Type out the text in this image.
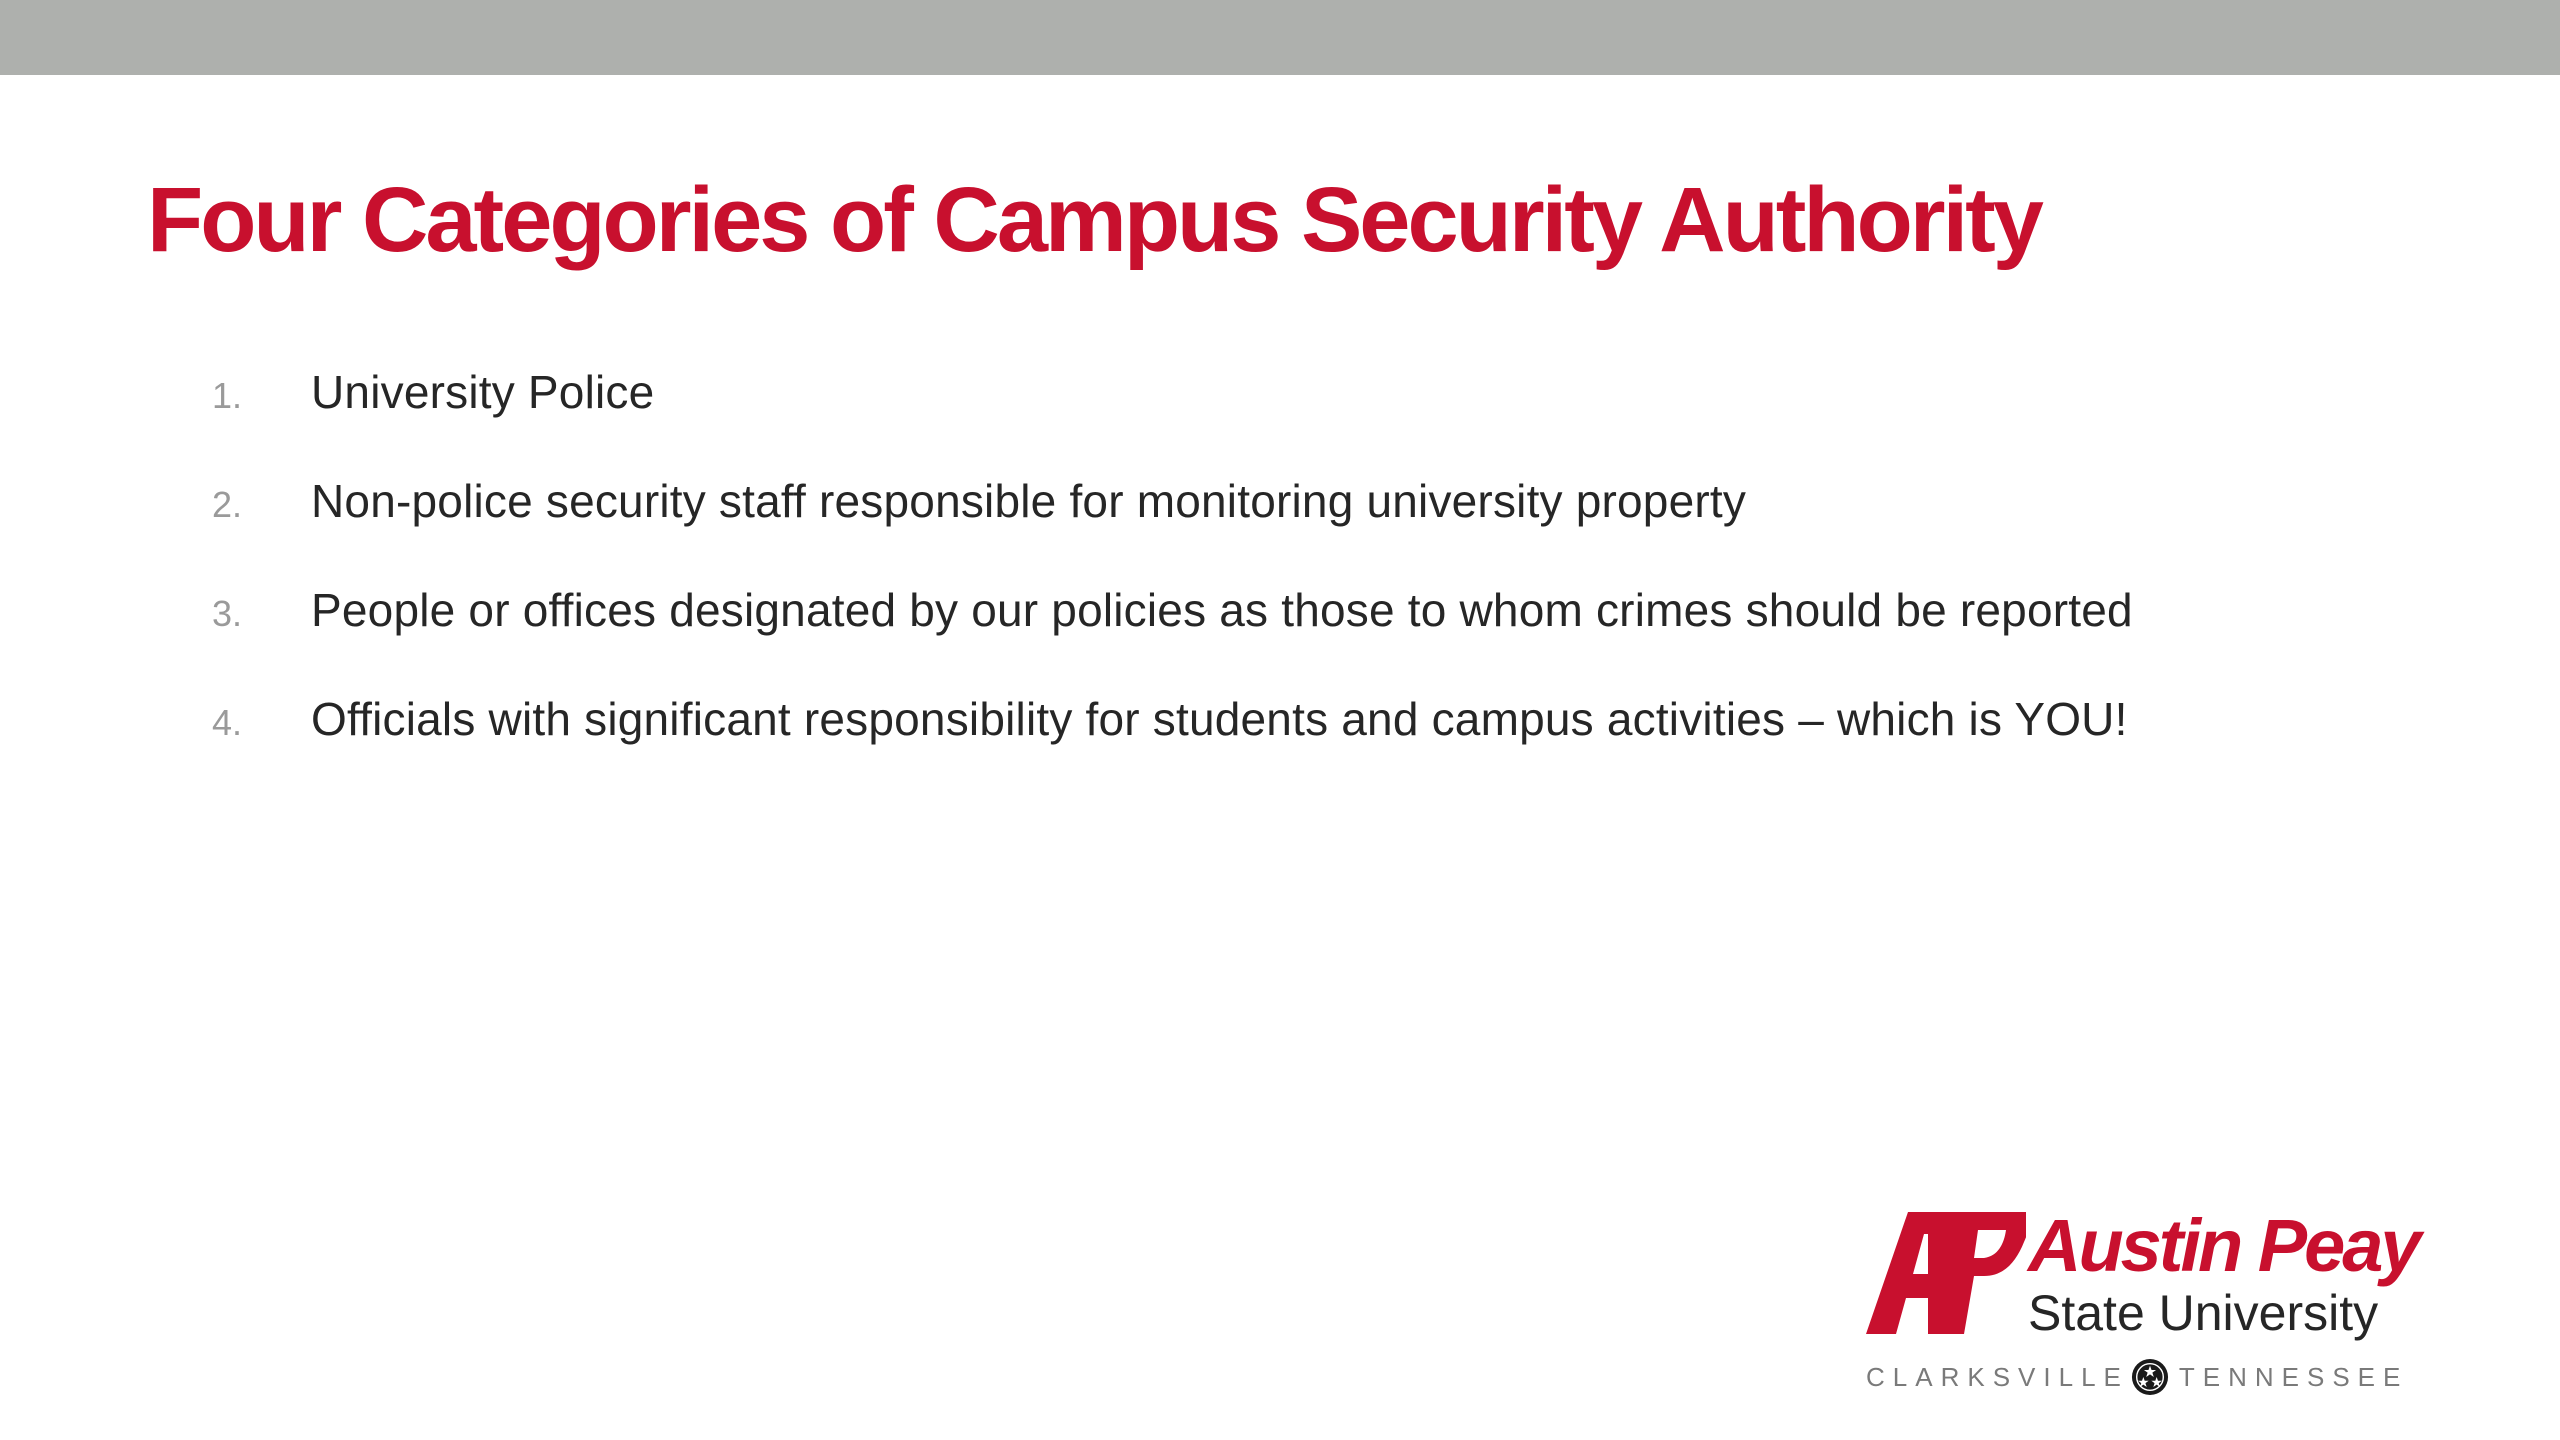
Four Categories of Campus Security Authority
1.	University Police
2.	Non-police security staff responsible for monitoring university property
3.	People or offices designated by our policies as those to whom crimes should be reported
4.	Officials with significant responsibility for students and campus activities – which is YOU!
Austin Peay
State University
CLARKSVILLE TENNESSEE
